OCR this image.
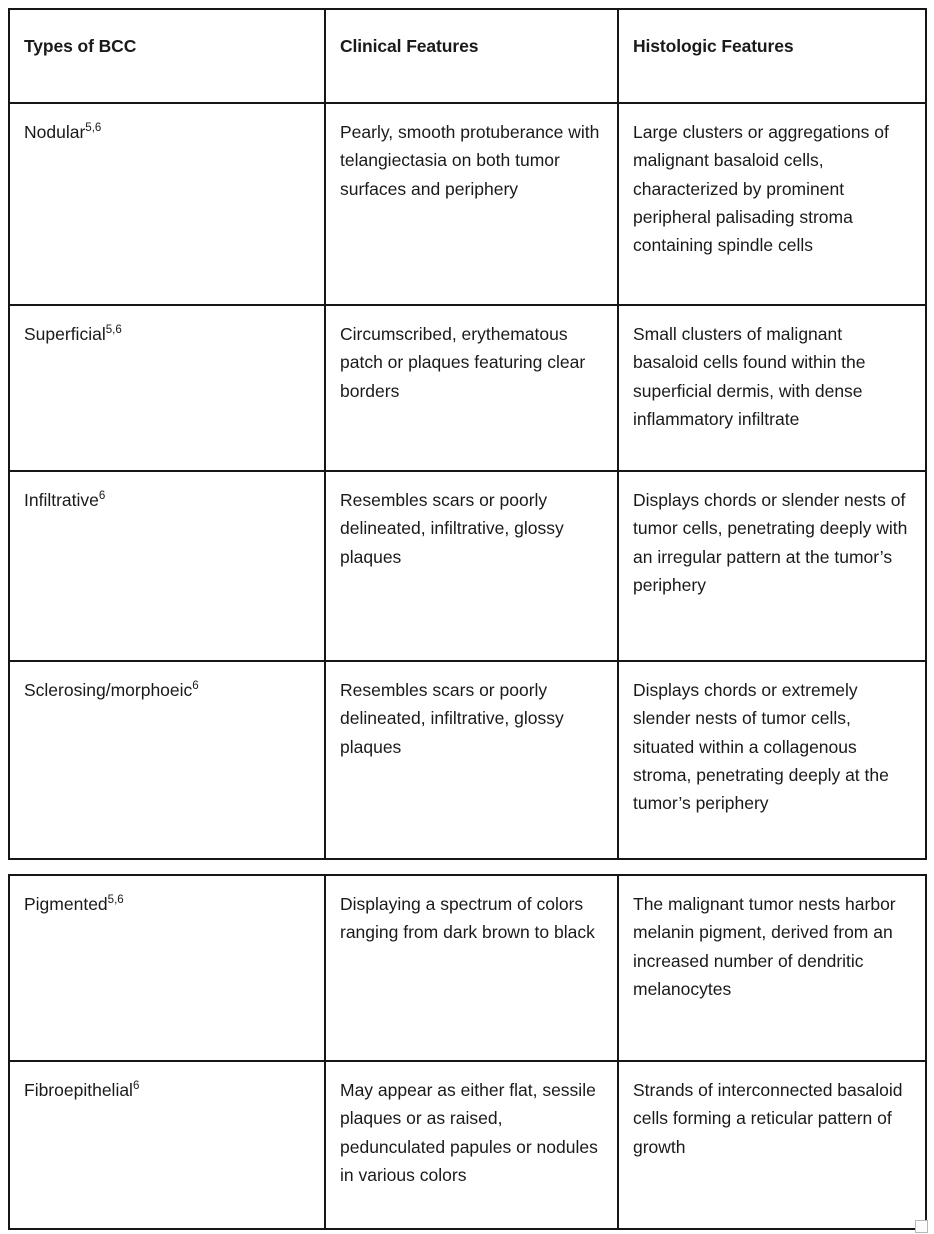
Types of BCC	Clinical Features	Histologic Features

Nodular$^{5,6}$	Pearly, smooth protuberance with telangiectasia on both tumor surfaces and periphery	Large clusters or aggregations of malignant basaloid cells, characterized by prominent peripheral palisading stroma containing spindle cells

Superficial$^{5,6}$	Circumscribed, erythematous patch or plaques featuring clear borders	Small clusters of malignant basaloid cells found within the superficial dermis, with dense inflammatory infiltrate

Infiltrative$^6$	Resembles scars or poorly delineated, infiltrative, glossy plaques	Displays chords or slender nests of tumor cells, penetrating deeply with an irregular pattern at the tumor’s periphery

Sclerosing/morphoeic$^6$	Resembles scars or poorly delineated, infiltrative, glossy plaques	Displays chords or extremely slender nests of tumor cells, situated within a collagenous stroma, penetrating deeply at the tumor’s periphery
Pigmented$^{5,6}$	Displaying a spectrum of colors ranging from dark brown to black	The malignant tumor nests harbor melanin pigment, derived from an increased number of dendritic melanocytes

Fibroepithelial$^6$	May appear as either flat, sessile plaques or as raised, pedunculated papules or nodules in various colors	Strands of interconnected basaloid cells forming a reticular pattern of growth
